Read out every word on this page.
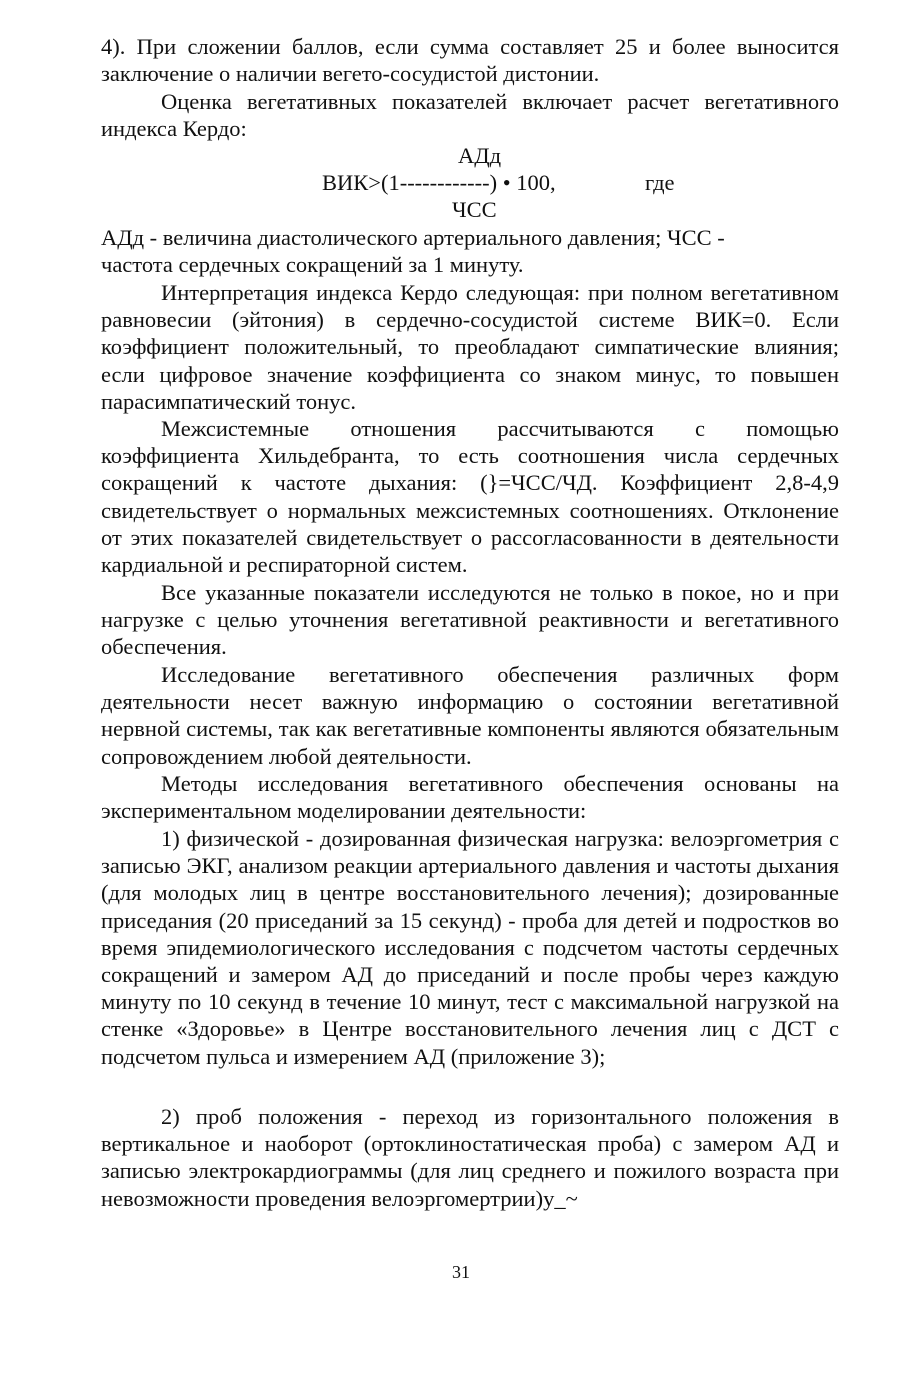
4). При сложении баллов, если сумма составляет 25 и более выносится заключение о наличии вегето-сосудистой дистонии.

Оценка вегетативных показателей включает расчет вегетативного индекса Кердо:

АДд
ВИК>(1------------) • 100,	где
ЧСС

АДд - величина диастолического артериального давления; ЧСС - частота сердечных сокращений за 1 минуту.

Интерпретация индекса Кердо следующая: при полном вегетативном равновесии (эйтония) в сердечно-сосудистой системе ВИК=0. Если коэффициент положительный, то преобладают симпатические влияния; если цифровое значение коэффициента со знаком минус, то повышен парасимпатический тонус.

Межсистемные отношения рассчитываются с помощью коэффициента Хильдебранта, то есть соотношения числа сердечных сокращений к частоте дыхания: (}=ЧСС/ЧД. Коэффициент 2,8-4,9 свидетельствует о нормальных межсистемных соотношениях. Отклонение от этих показателей свидетельствует о рассогласованности в деятельности кардиальной и респираторной систем.

Все указанные показатели исследуются не только в покое, но и при нагрузке с целью уточнения вегетативной реактивности и вегетативного обеспечения.

Исследование вегетативного обеспечения различных форм деятельности несет важную информацию о состоянии вегетативной нервной системы, так как вегетативные компоненты являются обязательным сопровождением любой деятельности.

Методы исследования вегетативного обеспечения основаны на экспериментальном моделировании деятельности:

1) физической - дозированная физическая нагрузка: велоэргометрия с записью ЭКГ, анализом реакции артериального давления и частоты дыхания (для молодых лиц в центре восстановительного лечения); дозированные приседания (20 приседаний за 15 секунд) - проба для детей и подростков во время эпидемиологического исследования с подсчетом частоты сердечных сокращений и замером АД до приседаний и после пробы через каждую минуту по 10 секунд в течение 10 минут, тест с максимальной нагрузкой на стенке «Здоровье» в Центре восстановительного лечения лиц с ДСТ с подсчетом пульса и измерением АД (приложение 3);

2) проб положения - переход из горизонтального положения в вертикальное и наоборот (ортоклиностатическая проба) с замером АД и записью электрокардиограммы (для лиц среднего и пожилого возраста при невозможности проведения велоэргомертрии)у_~

31
